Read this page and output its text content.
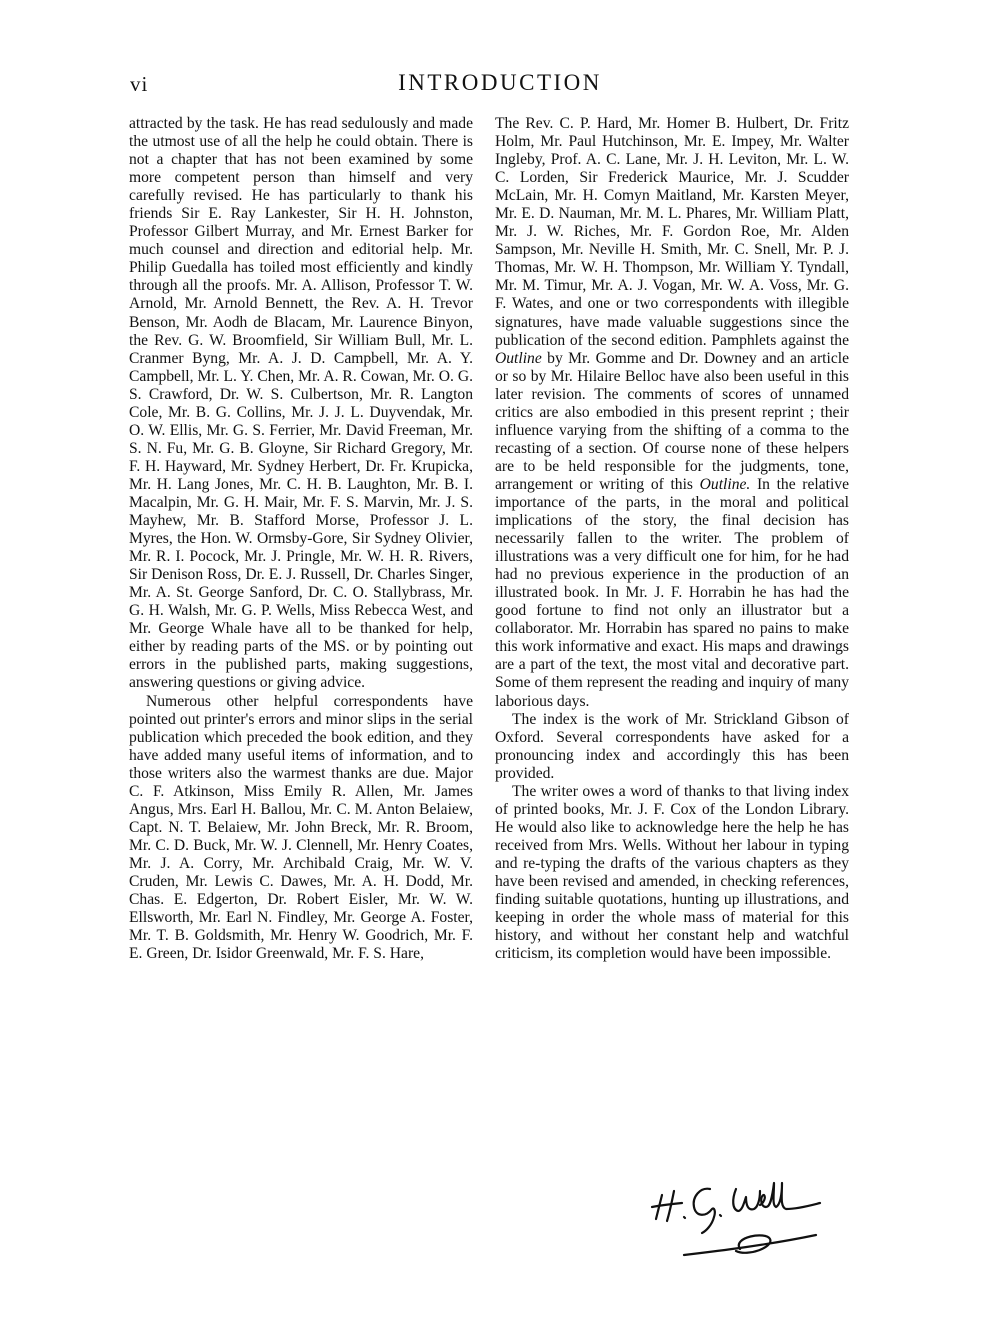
vi	INTRODUCTION

attracted by the task. He has read sedulously and made the utmost use of all the help he could obtain. There is not a chapter that has not been examined by some more competent person than himself and very carefully revised. He has particularly to thank his friends Sir E. Ray Lankester, Sir H. H. Johnston, Professor Gilbert Murray, and Mr. Ernest Barker for much counsel and direction and editorial help. Mr. Philip Guedalla has toiled most efficiently and kindly through all the proofs. Mr. A. Allison, Professor T. W. Arnold, Mr. Arnold Bennett, the Rev. A. H. Trevor Benson, Mr. Aodh de Blacam, Mr. Laurence Binyon, the Rev. G. W. Broomfield, Sir William Bull, Mr. L. Cranmer Byng, Mr. A. J. D. Campbell, Mr. A. Y. Campbell, Mr. L. Y. Chen, Mr. A. R. Cowan, Mr. O. G. S. Crawford, Dr. W. S. Culbertson, Mr. R. Langton Cole, Mr. B. G. Collins, Mr. J. J. L. Duyvendak, Mr. O. W. Ellis, Mr. G. S. Ferrier, Mr. David Freeman, Mr. S. N. Fu, Mr. G. B. Gloyne, Sir Richard Gregory, Mr. F. H. Hayward, Mr. Sydney Herbert, Dr. Fr. Krupicka, Mr. H. Lang Jones, Mr. C. H. B. Laughton, Mr. B. I. Macalpin, Mr. G. H. Mair, Mr. F. S. Marvin, Mr. J. S. Mayhew, Mr. B. Stafford Morse, Professor J. L. Myres, the Hon. W. Ormsby-Gore, Sir Sydney Olivier, Mr. R. I. Pocock, Mr. J. Pringle, Mr. W. H. R. Rivers, Sir Denison Ross, Dr. E. J. Russell, Dr. Charles Singer, Mr. A. St. George Sanford, Dr. C. O. Stallybrass, Mr. G. H. Walsh, Mr. G. P. Wells, Miss Rebecca West, and Mr. George Whale have all to be thanked for help, either by reading parts of the MS. or by pointing out errors in the published parts, making suggestions, answering questions or giving advice.

Numerous other helpful correspondents have pointed out printer's errors and minor slips in the serial publication which preceded the book edition, and they have added many useful items of information, and to those writers also the warmest thanks are due. Major C. F. Atkinson, Miss Emily R. Allen, Mr. James Angus, Mrs. Earl H. Ballou, Mr. C. M. Anton Belaiew, Capt. N. T. Belaiew, Mr. John Breck, Mr. R. Broom, Mr. C. D. Buck, Mr. W. J. Clennell, Mr. Henry Coates, Mr. J. A. Corry, Mr. Archibald Craig, Mr. W. V. Cruden, Mr. Lewis C. Dawes, Mr. A. H. Dodd, Mr. Chas. E. Edgerton, Dr. Robert Eisler, Mr. W. W. Ellsworth, Mr. Earl N. Findley, Mr. George A. Foster, Mr. T. B. Goldsmith, Mr. Henry W. Goodrich, Mr. F. E. Green, Dr. Isidor Greenwald, Mr. F. S. Hare,

The Rev. C. P. Hard, Mr. Homer B. Hulbert, Dr. Fritz Holm, Mr. Paul Hutchinson, Mr. E. Impey, Mr. Walter Ingleby, Prof. A. C. Lane, Mr. J. H. Leviton, Mr. L. W. C. Lorden, Sir Frederick Maurice, Mr. J. Scudder McLain, Mr. H. Comyn Maitland, Mr. Karsten Meyer, Mr. E. D. Nauman, Mr. M. L. Phares, Mr. William Platt, Mr. J. W. Riches, Mr. F. Gordon Roe, Mr. Alden Sampson, Mr. Neville H. Smith, Mr. C. Snell, Mr. P. J. Thomas, Mr. W. H. Thompson, Mr. William Y. Tyndall, Mr. M. Timur, Mr. A. J. Vogan, Mr. W. A. Voss, Mr. G. F. Wates, and one or two correspondents with illegible signatures, have made valuable suggestions since the publication of the second edition. Pamphlets against the Outline by Mr. Gomme and Dr. Downey and an article or so by Mr. Hilaire Belloc have also been useful in this later revision. The comments of scores of unnamed critics are also embodied in this present reprint ; their influence varying from the shifting of a comma to the recasting of a section. Of course none of these helpers are to be held responsible for the judgments, tone, arrangement or writing of this Outline. In the relative importance of the parts, in the moral and political implications of the story, the final decision has necessarily fallen to the writer. The problem of illustrations was a very difficult one for him, for he had had no previous experience in the production of an illustrated book. In Mr. J. F. Horrabin he has had the good fortune to find not only an illustrator but a collaborator. Mr. Horrabin has spared no pains to make this work informative and exact. His maps and drawings are a part of the text, the most vital and decorative part. Some of them represent the reading and inquiry of many laborious days.

The index is the work of Mr. Strickland Gibson of Oxford. Several correspondents have asked for a pronouncing index and accordingly this has been provided.

The writer owes a word of thanks to that living index of printed books, Mr. J. F. Cox of the London Library. He would also like to acknowledge here the help he has received from Mrs. Wells. Without her labour in typing and re-typing the drafts of the various chapters as they have been revised and amended, in checking references, finding suitable quotations, hunting up illustrations, and keeping in order the whole mass of material for this history, and without her constant help and watchful criticism, its completion would have been impossible.
